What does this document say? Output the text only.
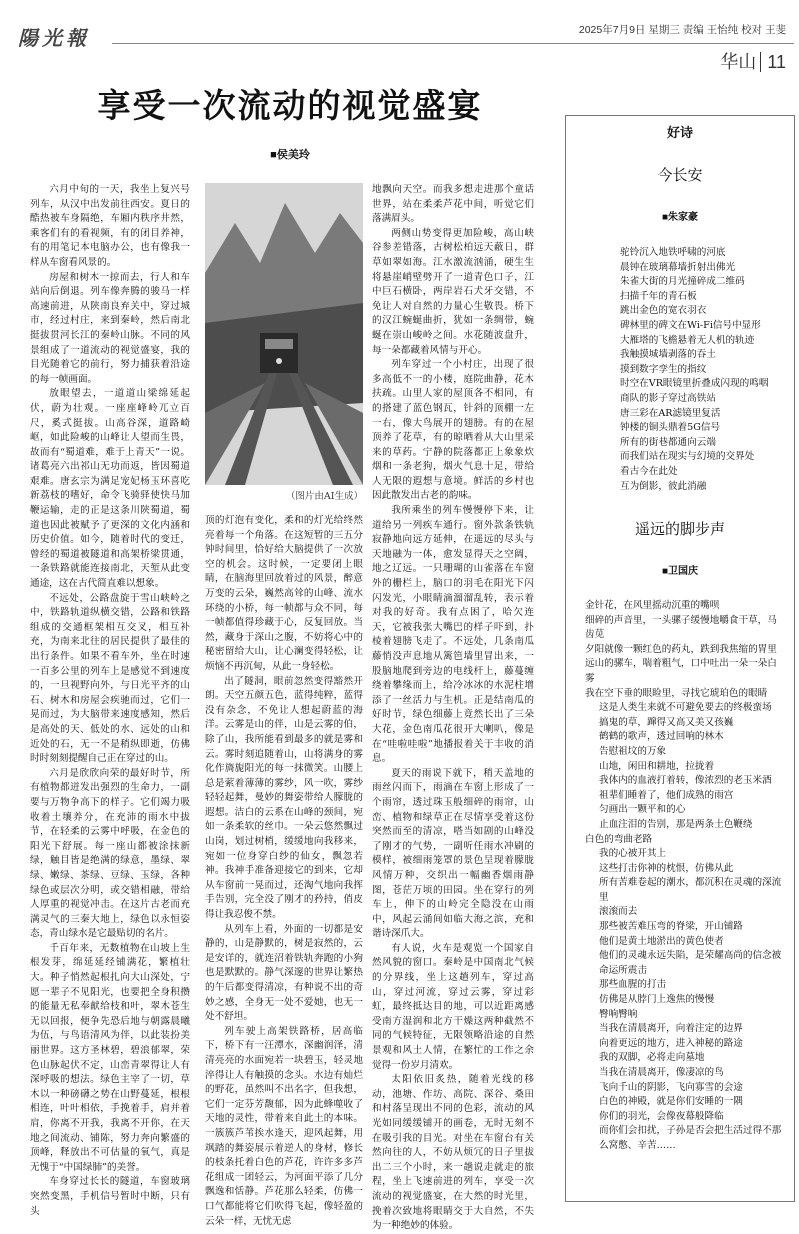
陽光報	2025年7月9日 星期三 责编 王怡纯 校对 王斐
华山 11
享受一次流动的视觉盛宴
■侯美玲
（图片由AI生成）

六月中旬的一天，我坐上复兴号列车，从汉中出发前往西安。夏日的酷热被车身隔绝，车厢内秩序井然，乘客们有的看视频，有的闭目养神，有的用笔记本电脑办公，也有像我一样从车窗看风景的。

房屋和树木一掠而去，行人和车站向后倒退。列车像奔腾的骏马一样高速前进，从陕南良弃关中，穿过城市，经过村庄，来到秦岭，然后南北挺拔贯河长江的秦岭山脉。不同的风景组成了一道流动的视觉盛宴，我的目光随着它的前行，努力捕获着沿途的每一帧画面。

放眼望去，一道道山梁绵延起伏，蔚为壮观。一座座峰岭兀立百尺，奚式挺拔。山高谷深，道路崎岖，如此险峻的山峰让人望而生畏，故而有“蜀道难，难于上青天”一说。诸葛亮六出祁山无功而返，皆因蜀道艰难。唐玄宗为满足宠妃杨玉环喜吃新荔枝的嗜好，命令飞骑驿使快马加鞭运输，走的正是这条川陕蜀道，蜀道也因此被赋予了更深的文化内涵和历史价值。如今，随着时代的变迁，曾经的蜀道被隧道和高架桥梁贯通，一条铁路就能连接南北，天堑从此变通途，这在古代简直难以想象。

不远处，公路盘旋于雪山峡岭之中，铁路轨道纵横交错，公路和铁路组成的交通框架相互交叉，相互补充，为南来北往的居民提供了最佳的出行条件。如果不看车外，坐在时速一百多公里的列车上是感觉不到速度的，一旦视野向外，与日光平齐的山石、树木和房屋会疾驰而过，它们一晃而过，为大脑带来速度感知，然后是高处的天、低处的水、远处的山和近处的石，无一不是稍纵即逝，仿佛时时刻刻提醒自己正在穿过的山。

六月是欣欣向荣的最好时节，所有植物都迸发出强烈的生命力，一副要与万物争高下的样子。它们竭力吸收着土壤养分，在充沛的雨水中拔节，在轻柔的云雾中呼吸，在金色的阳光下舒展。每一座山都被涂抹新绿，触目皆是绝满的绿意，墨绿、翠绿、嫩绿、茶绿、豆绿、玉绿，各种绿色或层次分明，或交错相融，带给人厚重的视觉冲击。在这片古老而充满灵气的三秦大地上，绿色以永恒姿态，青山绿水是它最贴切的名片。

千百年来，无数植物在山坡上生根发芽，绵延延经铺满花，繁植壮大。种子悄然起根扎向大山深处，宁愿一辈子不见阳光，也要把全身积攒的能量无私奉献给枝和叶，翠木苍生无以回报，便争先恐后地与朝露晨曦为伍，与鸟语清风为伴，以此装扮美丽世界。这方圣林碧，碧浪郁翠，荣色山脉起伏不定，山峦青翠得让人有深呼吸的想法。绿色主宰了一切，草木以一种磅礴之势在山野蔓延，根根相连，叶叶相依，手挽着手，肩并着肩，你离不开我，我离不开你，在天地之间流动、铺陈，努力奔向繁盛的顶峰，释放出不可估量的氧气，真是无愧于“中国绿肺”的美誉。

车身穿过长长的隧道，车窗玻璃突然变黑，手机信号暂时中断，只有头

顶的灯泡有变化，柔和的灯光给终然亮着每一个角落。在这短暂的三五分钟时间里，恰好给大脑提供了一次放空的机会。这时候，一定要闭上眼睛，在脑海里回放着过的风景，醉意万变的云朵，巍然高耸的山峰、流水环绕的小桥，每一帧都与众不同，每一帧都值得珍藏于心，反复回放。当然，藏身于深山之腹，不妨将心中的秘密留给大山，让心澜变得轻松，让烦恼不再沉甸，从此一身轻松。

出了隧洞，眼前忽然变得豁然开朗。天空五颜五色，蓝得纯粹，蓝得没有杂念，不免让人想起蔚蓝的海洋。云雾是山的伴，山是云雾的伯，除了山，我所能看到最多的就是雾和云。雾时刻追随着山，山将满身的雾化作旖旎阳光的每一抹微笑。山腰上总是萦着薄薄的雾纱，风一吹，雾纱轻轻起舞，曼妙的舞姿带给人朦胧的遐想。洁白的云系在山峰的颈间，宛如一条柔软的丝巾。一朵云悠然飘过山岗，划过树梢，缓缓地向我移来，宛如一位身穿白纱的仙女，飘忽若神。我神手准备迎接它的到来，它却从车窗前一晃而过，还淘气地向我挥手告别，完全没了刚才的矜持，俏皮得让我忍俊不禁。

从列车上看，外面的一切都是安静的，山是静默的，树是寂然的，云是安详的，就连沼着铁轨奔跑的小狗也是默默的。静气深邃的世界让繁热的午后都变得清凉，有种说不出的奇妙之感，全身无一处不爱她，也无一处不舒坦。

列车驶上高架铁路桥，居高临下，桥下有一汪潭水，深幽润泽，清清亮亮的水面宛若一块碧玉，轻灵地淬得让人有触摸的念头。水边有灿烂的野花，虽然叫不出名字，但我想，它们一定芬芳馥郁，因为此蜂噬收了天地的灵性，带着来自此土的本味。一簇簇芦苇挨水逢天，迎风起舞，用飒踏的舞姿展示着逆人的身材，修长的枝条托着白色的芦花，许许多多芦花组成一团轻云，为河面平添了几分飘逸和恬静。芦花那么轻柔，仿佛一口气都能将它们吹得飞起，像轻盈的云朵一样，无忧无虑

地飘向天空。而我多想走进那个童话世界，站在柔柔芦花中间，听觉它们落满眉头。

两侧山势变得更加险峻，高山峡谷参差错落，古树松柏远天蔽日，群草如翠如海。江水激流汹涌，硬生生将悬崖峭壁劈开了一道青色口子，江中巨石横卧，两岸岩石犬牙交错，不免让人对自然的力量心生敬畏。桥下的汉江蜿蜒曲折，犹如一条绸带，蜿蜒在崇山峻岭之间。水花随波盘升，每一朵都藏着风情与开心。

列车穿过一个小村庄，出现了很多高低不一的小楼，庭院曲静，花木扶疏。山里人家的屋顶各不相同，有的搭建了蓝色钢瓦，针斜的顶棚一左一右，像大鸟展开的翅膀。有的在屋顶养了花草，有的晾晒着从大山里采来的草药。宁静的院落都正上象象炊烟和一条老狗，烟火气息十足，带给人无限的遐想与意境。鲜活的乡村也因此散发出古老的韵味。

我所乘坐的列车慢慢停下来，让道给另一列疾车通行。窗外款条铁轨寂静地向远方延伸，在遥远的尽头与天地融为一体，愈发显得天之空阔，地之辽远。一只珊瑚的山雀落在车窗外的栅栏上，脑口的羽毛在阳光下闪闪发光，小眼睛滴溜溜乱转，表示着对我的好奇。我有点困了，哈欠连天，它被我张大嘴巴的样子吓到，扑棱着翅膀飞走了。不远处，几条南瓜藤悄没声息地从篱笆墙里冒出来，一股脑地爬到旁边的电线杆上，藤蔓缠绕着攀缘而上，给冷冰冰的水泥柱增添了一丝活力与生机。正是结南瓜的好时节，绿色细藤上竟然长出了三朵大花，金色南瓜花很开大喇叭，像是在“哇啦哇啦”地播报着关于丰收的消息。

夏天的雨说下就下，稍天盖地的雨丝闪而下，雨滴在车窗上形成了一个雨帘，透过珠玉般细碎的雨帘，山峦、植物和绿草正在尽情享受着这份突然而至的清凉，嗒当如剧的山峰没了刚才的气势，一副听任雨水冲刷的模样，被细雨笼罩的景色呈现着朦胧风情万种，交织出一幅幽香烟雨静图，苍茫万顷的田园。坐在穿行的列车上，伸下的山岭完全隐没在山雨中，风起云涌间如临大海之滨，充和谐诗深爪大。

有人说，火车是观览一个国家自然风貌的窗口。秦岭是中国南北气候的分界线，坐上这趟列车，穿过高山，穿过河流，穿过云雾，穿过彩虹，最终抵达目的地，可以近距离感受南方湿润和北方干燥这两种截然不同的气候特征，无限领略沿途的自然景观和风土人情，在繁忙的工作之余觉得一份岁月清欢。

太阳依旧炙热，随着光线的移动，池塘、作坊、高院、深谷、桑田和村落呈现出不同的色彩，流动的风光如同缓缓铺开的画卷，无时无刻不在吸引我的目光。对坐在车窗台有关然向往的人，不妨从烦冗的日子里拔出二三个小时，来一趟说走就走的旅程，坐上飞速前进的列车，享受一次流动的视觉盛宴，在大然的时光里，挽着次致地将眼睛交于大自然，不失为一种绝妙的体验。

好诗
今长安
■朱家豪
遥远的脚步声
■卫国庆
驼铃沉入地铁呼啸的河底
晨钟在玻璃幕墙折射出佛光
朱雀大街的月光撞碎成二维码
扫描千年的青石板
跳出金色的宽衣羽衣
碑林里的碑文在Wi-Fi信号中显形
大雁塔的飞檐悬着无人机的轨迹
我触摸城墙剥落的吞土
摸到数字孪生的指纹
时空在VR眼镜里折叠成闪现的鸣咽
商队的影子穿过高铁站
唐三彩在AR滤镜里复活
钟楼的铜头鼎着5G信号
所有的街巷都通向云端
而我们站在现实与幻境的交界处
看古今在此处
互为倒影，彼此消融
金针花，在风里摇动沉重的嘴呗
细碎的声音里，一头骡子缓慢地嚼食干草，马齿苋
夕阳就像一颗红色的药丸，跌到我焦缩的胃里
远山的骡车，喘着粗气，口中吐出一朵一朵白雾
我在空下垂的眼睑里，寻找它琥珀色的眼睛
这是人类生来就不可避免要去的终极蛮场
搞鬼的草，蹿得又高又美又孩巍
鹤鹤的歌声，透过回响的林木
告慰祖坟的万象
山地，闲田和耕地，拉拢着
我体内的血液打着转，像浓烈的老玉米酒
祖辈们睡着了，他们成熟的雨宫
匀画出一颗平和的心
止血注泪的告别，那是两条土色鞭绕
白色的弯曲老路
我的心被开其上
这些打击你神的枕恨，仿佛从此
所有苦难卷起的潮水，都沉积在灵魂的深流里
滚滚而去
那些被苦难压弯的脊梁，开山铺路
他们是黄土地淤出的黄色使者
他们的灵魂永远失陷，是荣耀高尚的信念被命运所震击
那些血腥的打击
仿佛是从脖门上逸焦的慢慢
臀响臀响
当我在清晨离开，向着注定的边界
向着更远的地方，进入神秘的路途
我的双脚，必将走向墓地
当我在清晨离开，像凄凉的鸟
飞向千山的阴影，飞向寡雪的会途
白色的神殿，就是你们安睡的一隅
你们的羽光，会像夜幕般降临
而你们会扣扰，子孙是否会把生活过得不那么窝憋、辛苦……
